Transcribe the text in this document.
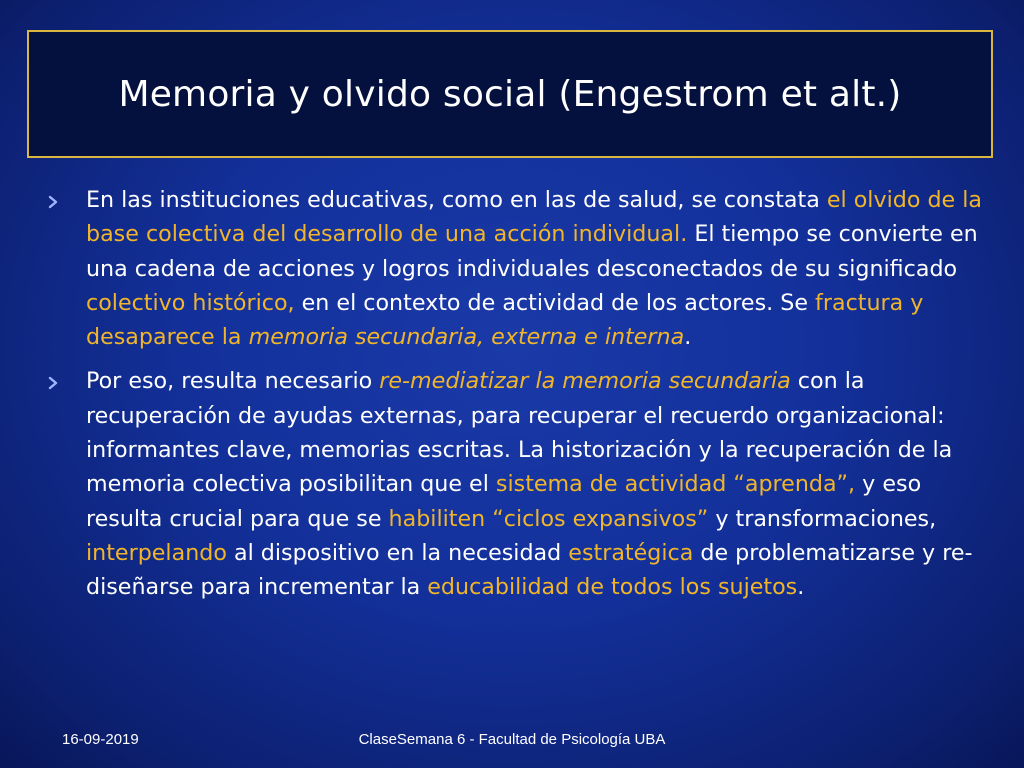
Memoria y olvido social (Engestrom et alt.)
En las instituciones educativas, como en las de salud, se constata el olvido de la base colectiva del desarrollo de una acción individual. El tiempo se convierte en una cadena de acciones y logros individuales desconectados de su significado colectivo histórico, en el contexto de actividad de los actores. Se fractura y desaparece la memoria secundaria, externa e interna.
Por eso, resulta necesario re-mediatizar la memoria secundaria con la recuperación de ayudas externas, para recuperar el recuerdo organizacional: informantes clave, memorias escritas. La historización y la recuperación de la memoria colectiva posibilitan que el sistema de actividad “aprenda”, y eso resulta crucial para que se habiliten “ciclos expansivos” y transformaciones, interpelando al dispositivo en la necesidad estratégica de problematizarse y re-diseñarse para incrementar la educabilidad de todos los sujetos.
16-09-2019	ClaseSemana 6 - Facultad de Psicología UBA
